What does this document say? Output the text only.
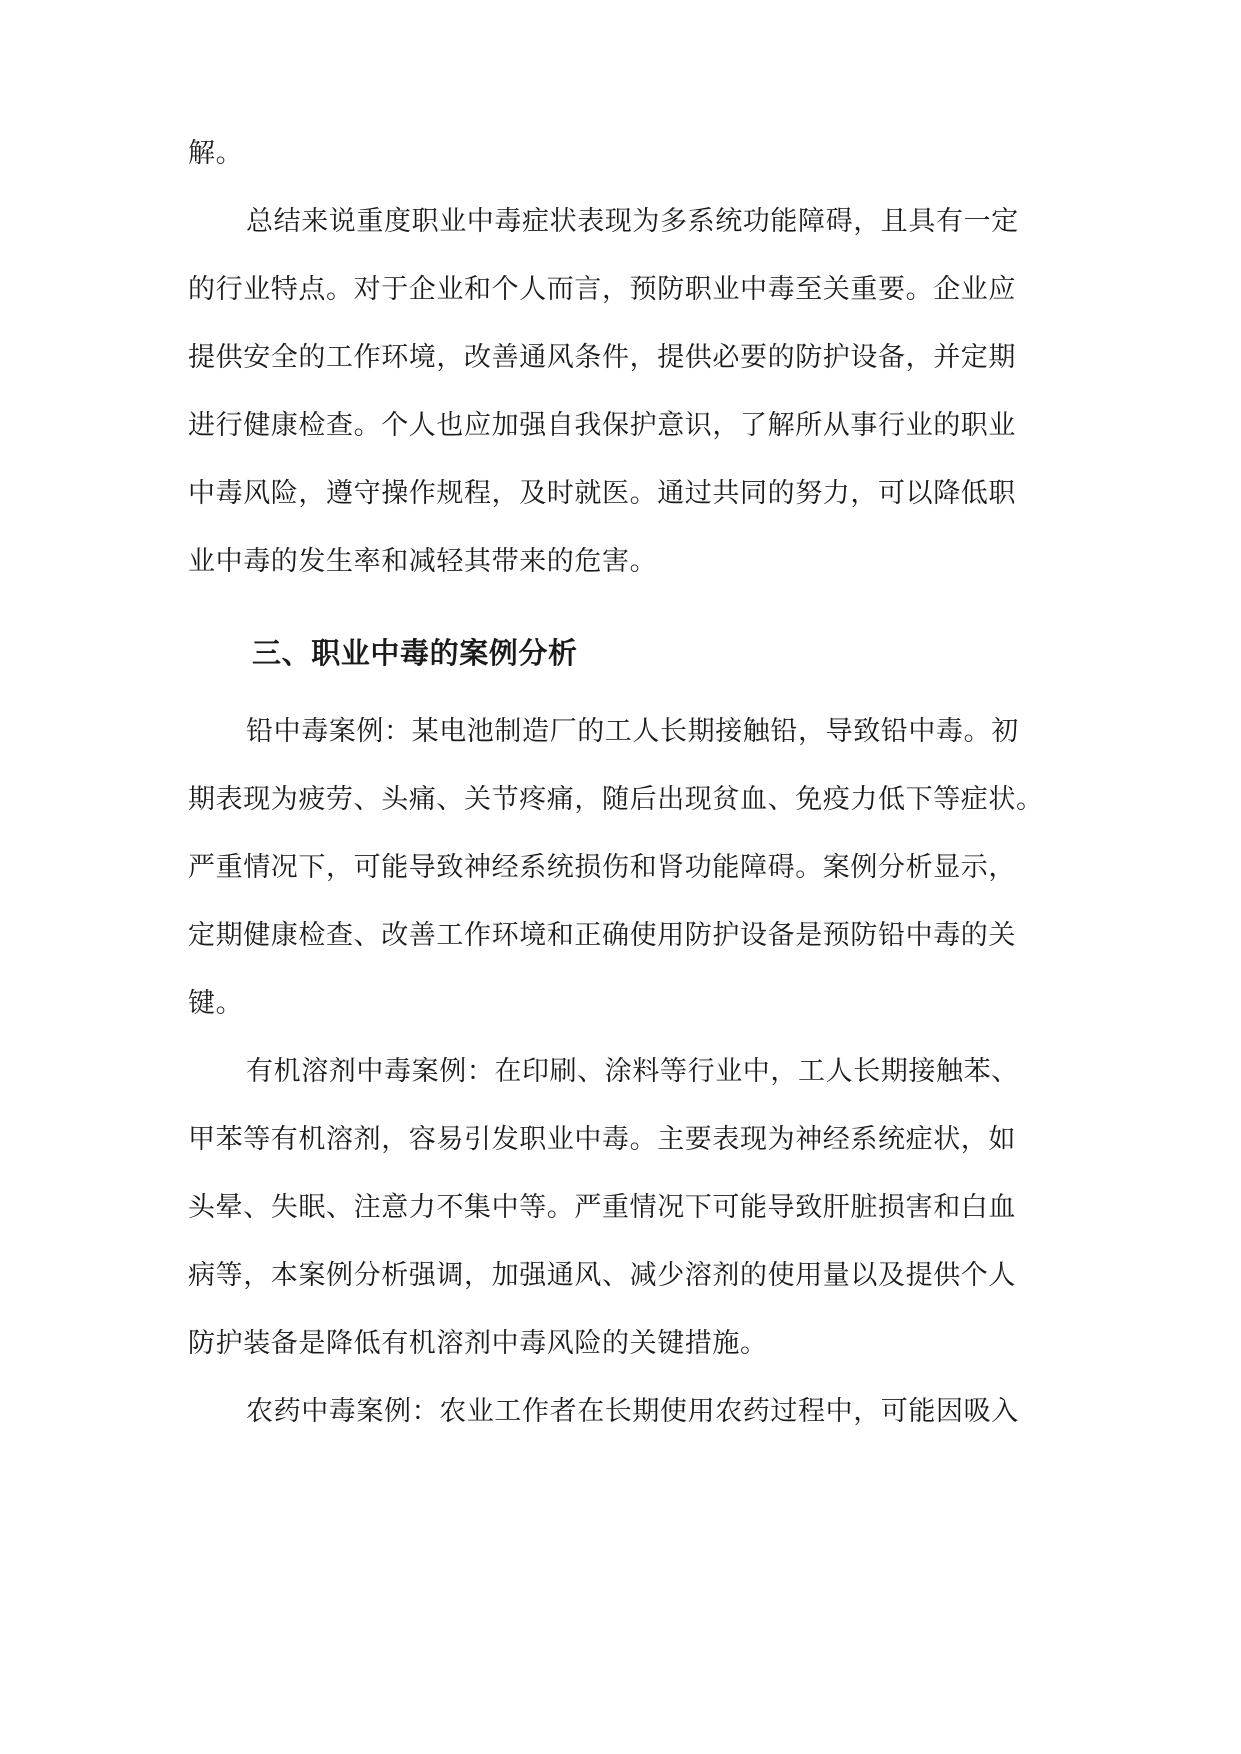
解。
总结来说重度职业中毒症状表现为多系统功能障碍，且具有一定
的行业特点。对于企业和个人而言，预防职业中毒至关重要。企业应
提供安全的工作环境，改善通风条件，提供必要的防护设备，并定期
进行健康检查。个人也应加强自我保护意识，了解所从事行业的职业
中毒风险，遵守操作规程，及时就医。通过共同的努力，可以降低职
业中毒的发生率和减轻其带来的危害。
三、职业中毒的案例分析
铅中毒案例：某电池制造厂的工人长期接触铅，导致铅中毒。初
期表现为疲劳、头痛、关节疼痛，随后出现贫血、免疫力低下等症状。
严重情况下，可能导致神经系统损伤和肾功能障碍。案例分析显示，
定期健康检查、改善工作环境和正确使用防护设备是预防铅中毒的关
键。
有机溶剂中毒案例：在印刷、涂料等行业中，工人长期接触苯、
甲苯等有机溶剂，容易引发职业中毒。主要表现为神经系统症状，如
头晕、失眠、注意力不集中等。严重情况下可能导致肝脏损害和白血
病等，本案例分析强调，加强通风、减少溶剂的使用量以及提供个人
防护装备是降低有机溶剂中毒风险的关键措施。
农药中毒案例：农业工作者在长期使用农药过程中，可能因吸入
